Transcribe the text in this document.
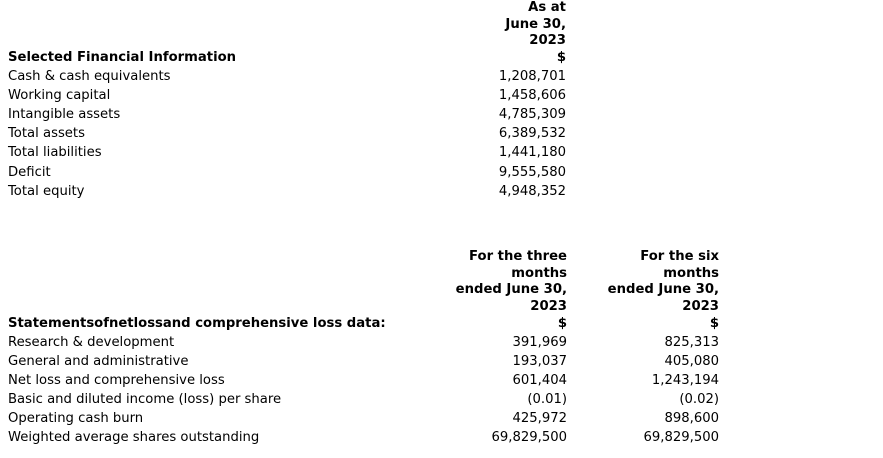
	As at
	June 30,
	2023
Selected Financial Information	$
Cash & cash equivalents	1,208,701
Working capital	1,458,606
Intangible assets	4,785,309
Total assets	6,389,532
Total liabilities	1,441,180
Deficit	9,555,580
Total equity	4,948,352
	For the three	For the six
	months	months
	ended June 30,	ended June 30,
	2023	2023
Statementsofnetlossand comprehensive loss data:	$	$
Research & development	391,969	825,313
General and administrative	193,037	405,080
Net loss and comprehensive loss	601,404	1,243,194
Basic and diluted income (loss) per share	(0.01)	(0.02)
Operating cash burn	425,972	898,600
Weighted average shares outstanding	69,829,500	69,829,500
